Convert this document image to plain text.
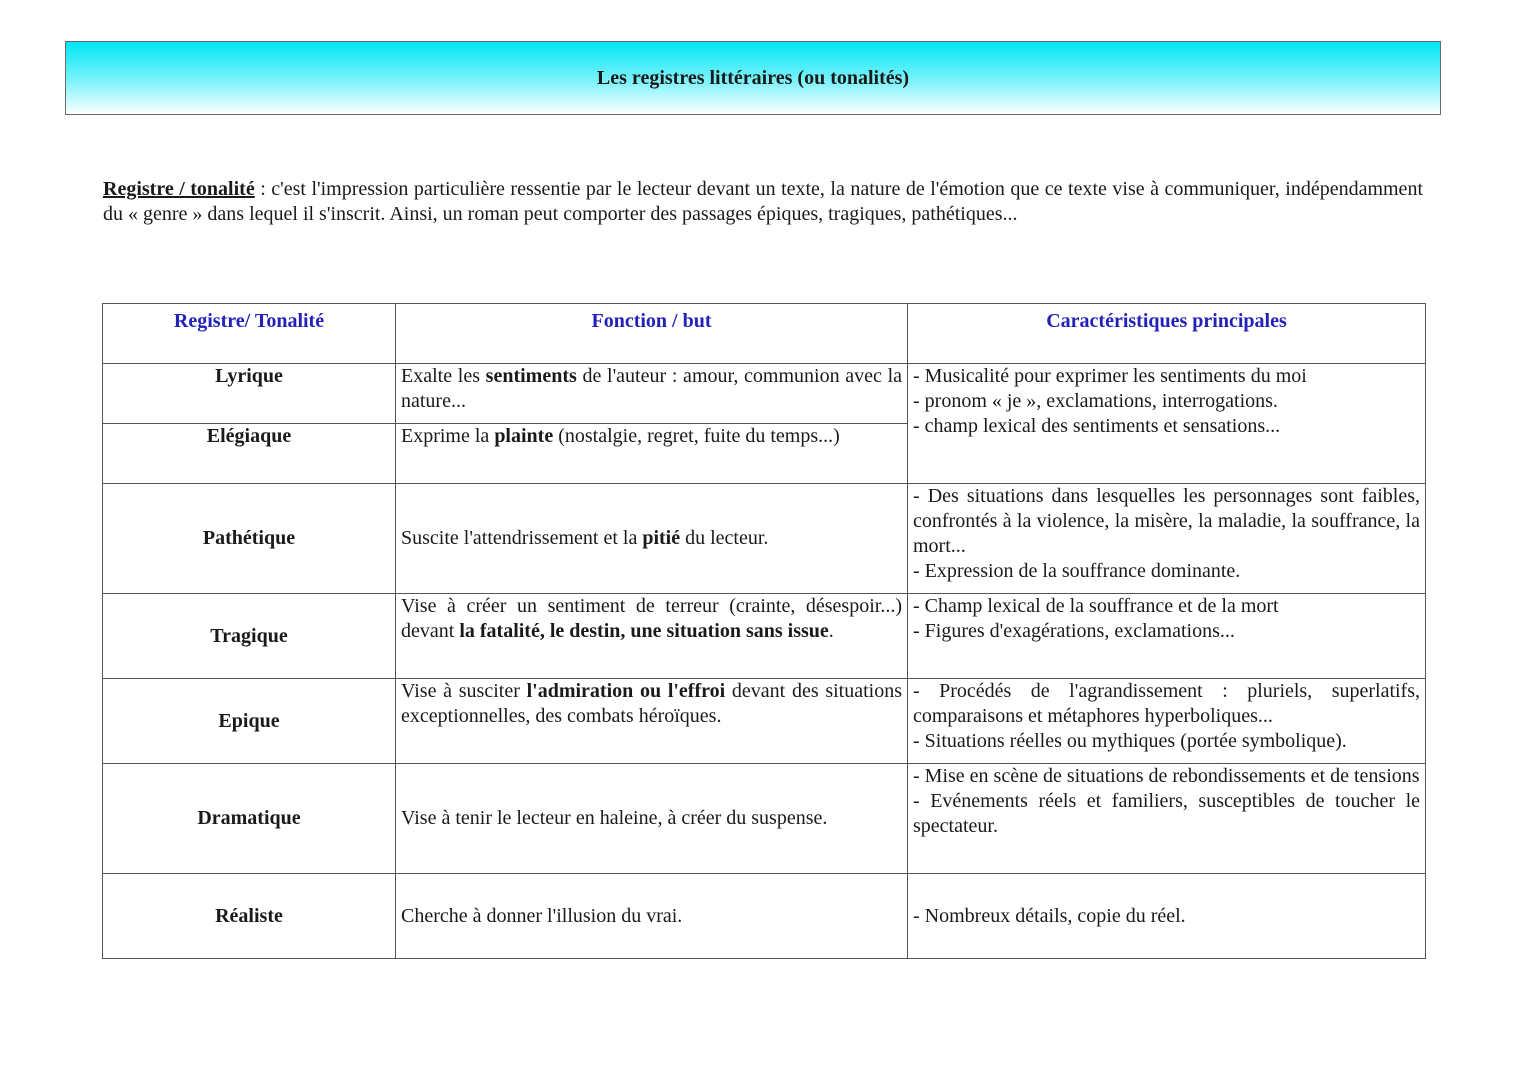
Les registres littéraires (ou tonalités)
Registre / tonalité : c'est l'impression particulière ressentie par le lecteur devant un texte, la nature de l'émotion que ce texte vise à communiquer, indépendamment du « genre » dans lequel il s'inscrit. Ainsi, un roman peut comporter des passages épiques, tragiques, pathétiques...
Registre/ Tonalité	Fonction / but	Caractéristiques principales
Lyrique	Exalte les sentiments de l'auteur : amour, communion avec la nature...	- Musicalité pour exprimer les sentiments du moi
- pronom « je », exclamations, interrogations.
- champ lexical des sentiments et sensations...

Elégiaque	Exprime la plainte (nostalgie, regret, fuite du temps...)	
Pathétique	Suscite l'attendrissement et la pitié du lecteur.	- Des situations dans lesquelles les personnages sont faibles, confrontés à la violence, la misère, la maladie, la souffrance, la mort...
- Expression de la souffrance dominante.

Tragique	Vise à créer un sentiment de terreur (crainte, désespoir...) devant la fatalité, le destin, une situation sans issue.	- Champ lexical de la souffrance et de la mort
- Figures d'exagérations, exclamations...

Epique	Vise à susciter l'admiration ou l'effroi devant des situations exceptionnelles, des combats héroïques.	- Procédés de l'agrandissement : pluriels, superlatifs, comparaisons et métaphores hyperboliques...
- Situations réelles ou mythiques (portée symbolique).

Dramatique	Vise à tenir le lecteur en haleine, à créer du suspense.	- Mise en scène de situations de rebondissements et de tensions
- Evénements réels et familiers, susceptibles de toucher le spectateur.

Réaliste	Cherche à donner l'illusion du vrai.	- Nombreux détails, copie du réel.
